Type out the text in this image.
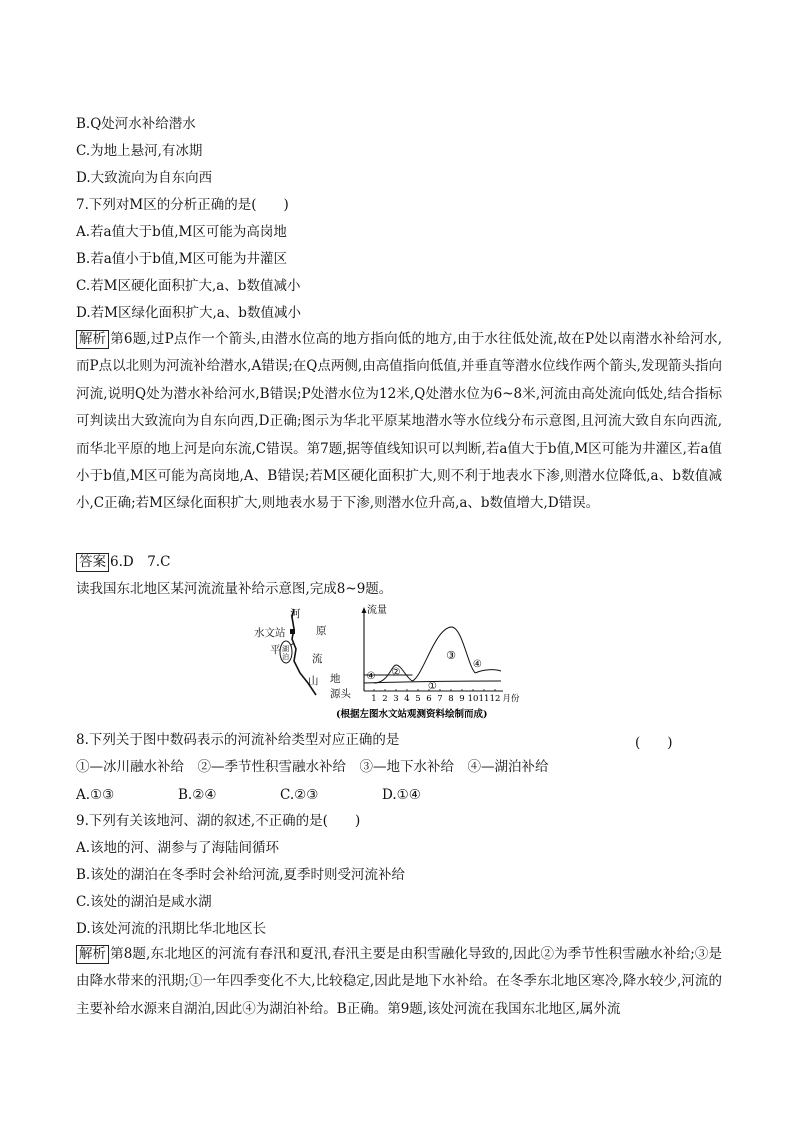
B.Q处河水补给潜水
C.为地上悬河,有冰期
D.大致流向为自东向西
7.下列对M区的分析正确的是(　　)
A.若a值大于b值,M区可能为高岗地
B.若a值小于b值,M区可能为井灌区
C.若M区硬化面积扩大,a、b数值减小
D.若M区绿化面积扩大,a、b数值减小
解析 第6题,过P点作一个箭头,由潜水位高的地方指向低的地方,由于水往低处流,故在P处以南潜水补给河水,而P点以北则为河流补给潜水,A错误;在Q点两侧,由高值指向低值,并垂直等潜水位线作两个箭头,发现箭头指向河流,说明Q处为潜水补给河水,B错误;P处潜水位为12米,Q处潜水位为6~8米,河流由高处流向低处,结合指标可判读出大致流向为自东向西,D正确;图示为华北平原某地潜水等水位线分布示意图,且河流大致自东向西流,而华北平原的地上河是向东流,C错误。第7题,据等值线知识可以判断,若a值大于b值,M区可能为井灌区,若a值小于b值,M区可能为高岗地,A、B错误;若M区硬化面积扩大,则不利于地表水下渗,则潜水位降低,a、b数值减小,C正确;若M区绿化面积扩大,则地表水易于下渗,则潜水位升高,a、b数值增大,D错误。
答案 6.D　7.C
读我国东北地区某河流流量补给示意图,完成8~9题。
河
水文站	原
平 湖泊 流
地
山
源头
流量
④ ②
①
③
④
1 2 3 4 5 6 7 8 9 10 11 12 月份
(根据左图水文站观测资料绘制而成)
8.下列关于图中数码表示的河流补给类型对应正确的是	(　　)
①—冰川融水补给　②—季节性积雪融水补给　③—地下水补给　④—湖泊补给
A.①③	B.②④	C.②③	D.①④
9.下列有关该地河、湖的叙述,不正确的是(　　)
A.该地的河、湖参与了海陆间循环
B.该处的湖泊在冬季时会补给河流,夏季时则受河流补给
C.该处的湖泊是咸水湖
D.该处河流的汛期比华北地区长
解析 第8题,东北地区的河流有春汛和夏汛,春汛主要是由积雪融化导致的,因此②为季节性积雪融水补给;③是由降水带来的汛期;①一年四季变化不大,比较稳定,因此是地下水补给。在冬季东北地区寒冷,降水较少,河流的主要补给水源来自湖泊,因此④为湖泊补给。B正确。第9题,该处河流在我国东北地区,属外流
